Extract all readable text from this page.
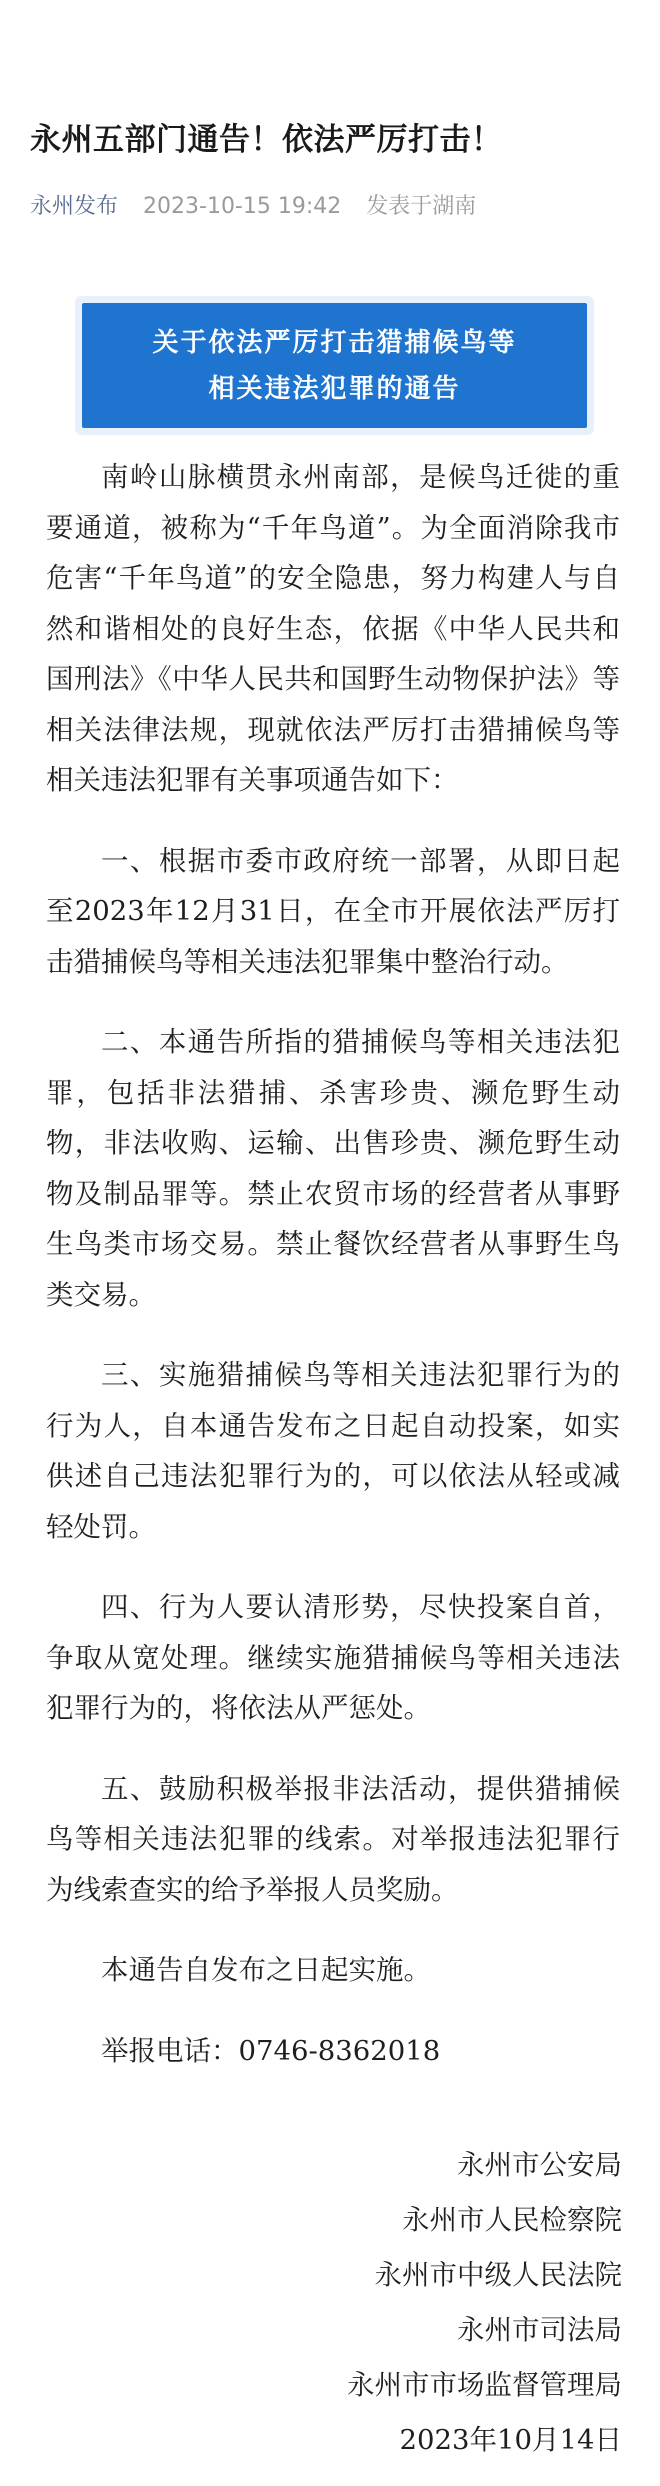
永州五部门通告！依法严厉打击！
永州发布 2023-10-15 19:42 发表于湖南
关于依法严厉打击猎捕候鸟等
相关违法犯罪的通告

南岭山脉横贯永州南部，是候鸟迁徙的重要通道，被称为“千年鸟道”。为全面消除我市危害“千年鸟道”的安全隐患，努力构建人与自然和谐相处的良好生态，依据《中华人民共和国刑法》《中华人民共和国野生动物保护法》等相关法律法规，现就依法严厉打击猎捕候鸟等相关违法犯罪有关事项通告如下：

一、根据市委市政府统一部署，从即日起至2023年12月31日，在全市开展依法严厉打击猎捕候鸟等相关违法犯罪集中整治行动。

二、本通告所指的猎捕候鸟等相关违法犯罪，包括非法猎捕、杀害珍贵、濒危野生动物，非法收购、运输、出售珍贵、濒危野生动物及制品罪等。禁止农贸市场的经营者从事野生鸟类市场交易。禁止餐饮经营者从事野生鸟类交易。

三、实施猎捕候鸟等相关违法犯罪行为的行为人，自本通告发布之日起自动投案，如实供述自己违法犯罪行为的，可以依法从轻或减轻处罚。

四、行为人要认清形势，尽快投案自首，争取从宽处理。继续实施猎捕候鸟等相关违法犯罪行为的，将依法从严惩处。

五、鼓励积极举报非法活动，提供猎捕候鸟等相关违法犯罪的线索。对举报违法犯罪行为线索查实的给予举报人员奖励。

本通告自发布之日起实施。

举报电话：0746-8362018

永州市公安局
永州市人民检察院
永州市中级人民法院
永州市司法局
永州市市场监督管理局
2023年10月14日
